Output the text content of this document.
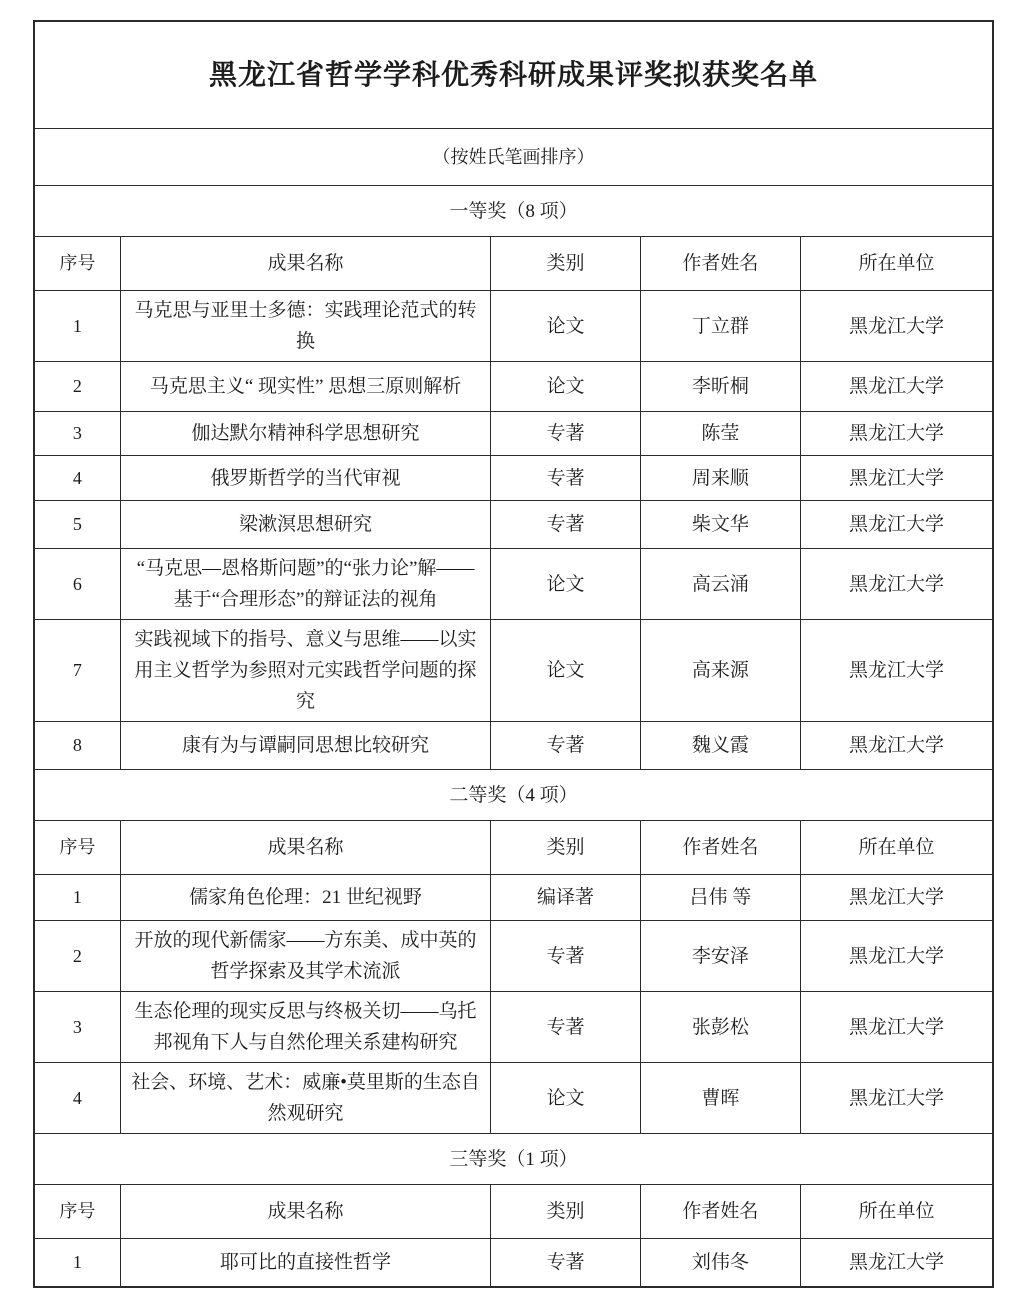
黑龙江省哲学学科优秀科研成果评奖拟获奖名单				

（按姓氏笔画排序）				
一等奖（8 项）				
序号	成果名称	类别	作者姓名	所在单位
1	马克思与亚里士多德：实践理论范式的转换	论文	丁立群	黑龙江大学
2	马克思主义“ 现实性” 思想三原则解析	论文	李昕桐	黑龙江大学
3	伽达默尔精神科学思想研究	专著	陈莹	黑龙江大学
4	俄罗斯哲学的当代审视	专著	周来顺	黑龙江大学
5	梁漱溟思想研究	专著	柴文华	黑龙江大学
6	“马克思—恩格斯问题”的“张力论”解——基于“合理形态”的辩证法的视角	论文	高云涌	黑龙江大学
7	实践视域下的指号、意义与思维——以实用主义哲学为参照对元实践哲学问题的探究	论文	高来源	黑龙江大学
8	康有为与谭嗣同思想比较研究	专著	魏义霞	黑龙江大学
二等奖（4 项）				
序号	成果名称	类别	作者姓名	所在单位
1	儒家角色伦理：21 世纪视野	编译著	吕伟 等	黑龙江大学
2	开放的现代新儒家——方东美、成中英的哲学探索及其学术流派	专著	李安泽	黑龙江大学
3	生态伦理的现实反思与终极关切——乌托邦视角下人与自然伦理关系建构研究	专著	张彭松	黑龙江大学
4	社会、环境、艺术：威廉•莫里斯的生态自然观研究	论文	曹晖	黑龙江大学
三等奖（1 项）				
序号	成果名称	类别	作者姓名	所在单位
1	耶可比的直接性哲学	专著	刘伟冬	黑龙江大学
